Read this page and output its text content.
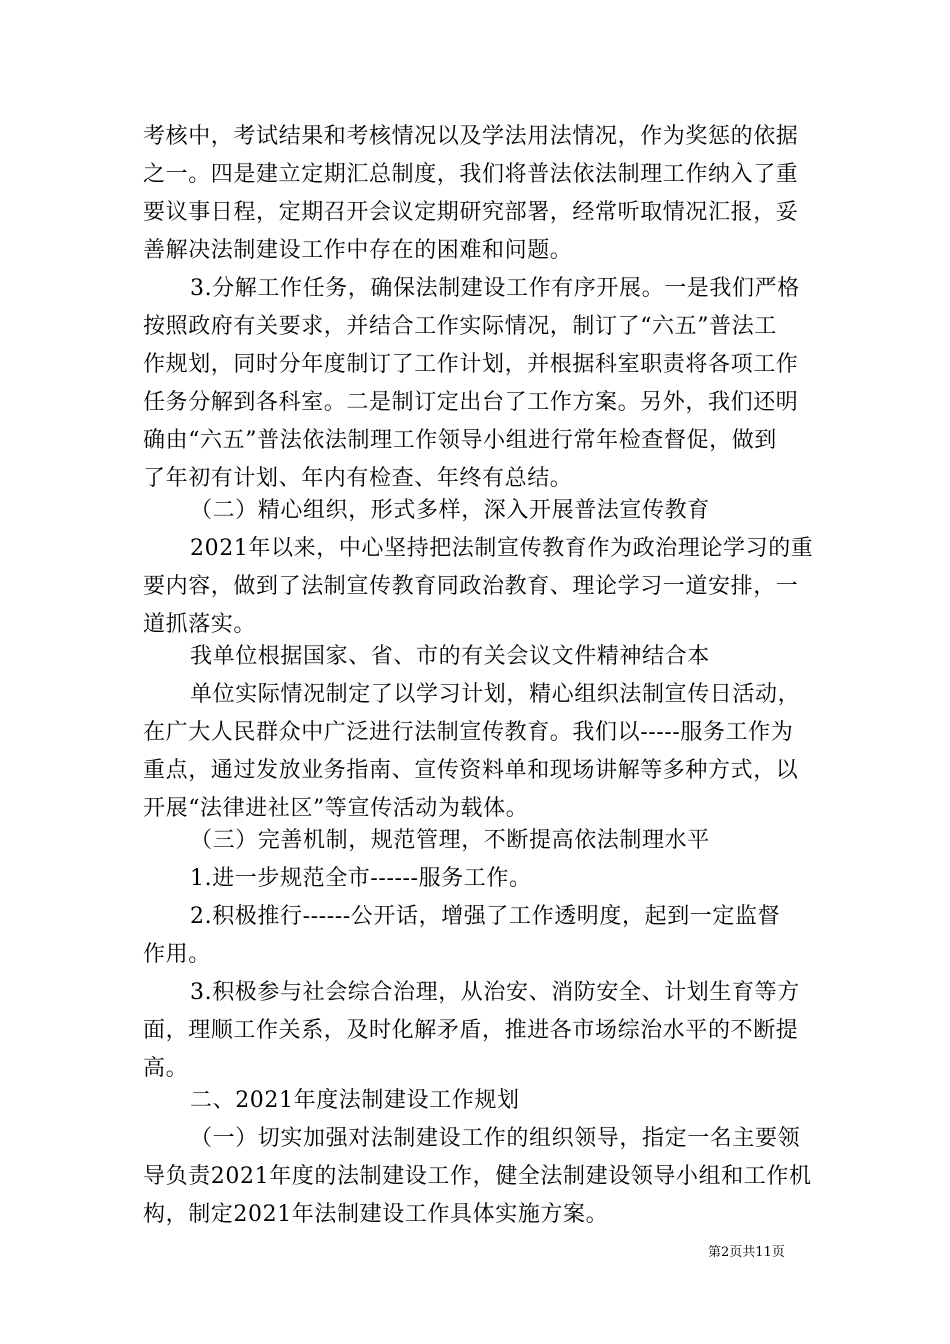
考核中，考试结果和考核情况以及学法用法情况，作为奖惩的依据
之一。四是建立定期汇总制度，我们将普法依法制理工作纳入了重
要议事日程，定期召开会议定期研究部署，经常听取情况汇报，妥
善解决法制建设工作中存在的困难和问题。
3.分解工作任务，确保法制建设工作有序开展。一是我们严格
按照政府有关要求，并结合工作实际情况，制订了“六五”普法工
作规划，同时分年度制订了工作计划，并根据科室职责将各项工作
任务分解到各科室。二是制订定出台了工作方案。另外，我们还明
确由“六五”普法依法制理工作领导小组进行常年检查督促，做到
了年初有计划、年内有检查、年终有总结。
（二）精心组织，形式多样，深入开展普法宣传教育
2021年以来，中心坚持把法制宣传教育作为政治理论学习的重
要内容，做到了法制宣传教育同政治教育、理论学习一道安排，一
道抓落实。
我单位根据国家、省、市的有关会议文件精神结合本
单位实际情况制定了以学习计划，精心组织法制宣传日活动，
在广大人民群众中广泛进行法制宣传教育。我们以-----服务工作为
重点，通过发放业务指南、宣传资料单和现场讲解等多种方式，以
开展“法律进社区”等宣传活动为载体。
（三）完善机制，规范管理，不断提高依法制理水平
1.进一步规范全市------服务工作。
2.积极推行------公开话，增强了工作透明度，起到一定监督
作用。
3.积极参与社会综合治理，从治安、消防安全、计划生育等方
面，理顺工作关系，及时化解矛盾，推进各市场综治水平的不断提
高。
二、2021年度法制建设工作规划
（一）切实加强对法制建设工作的组织领导，指定一名主要领
导负责2021年度的法制建设工作，健全法制建设领导小组和工作机
构，制定2021年法制建设工作具体实施方案。
第2页共11页
